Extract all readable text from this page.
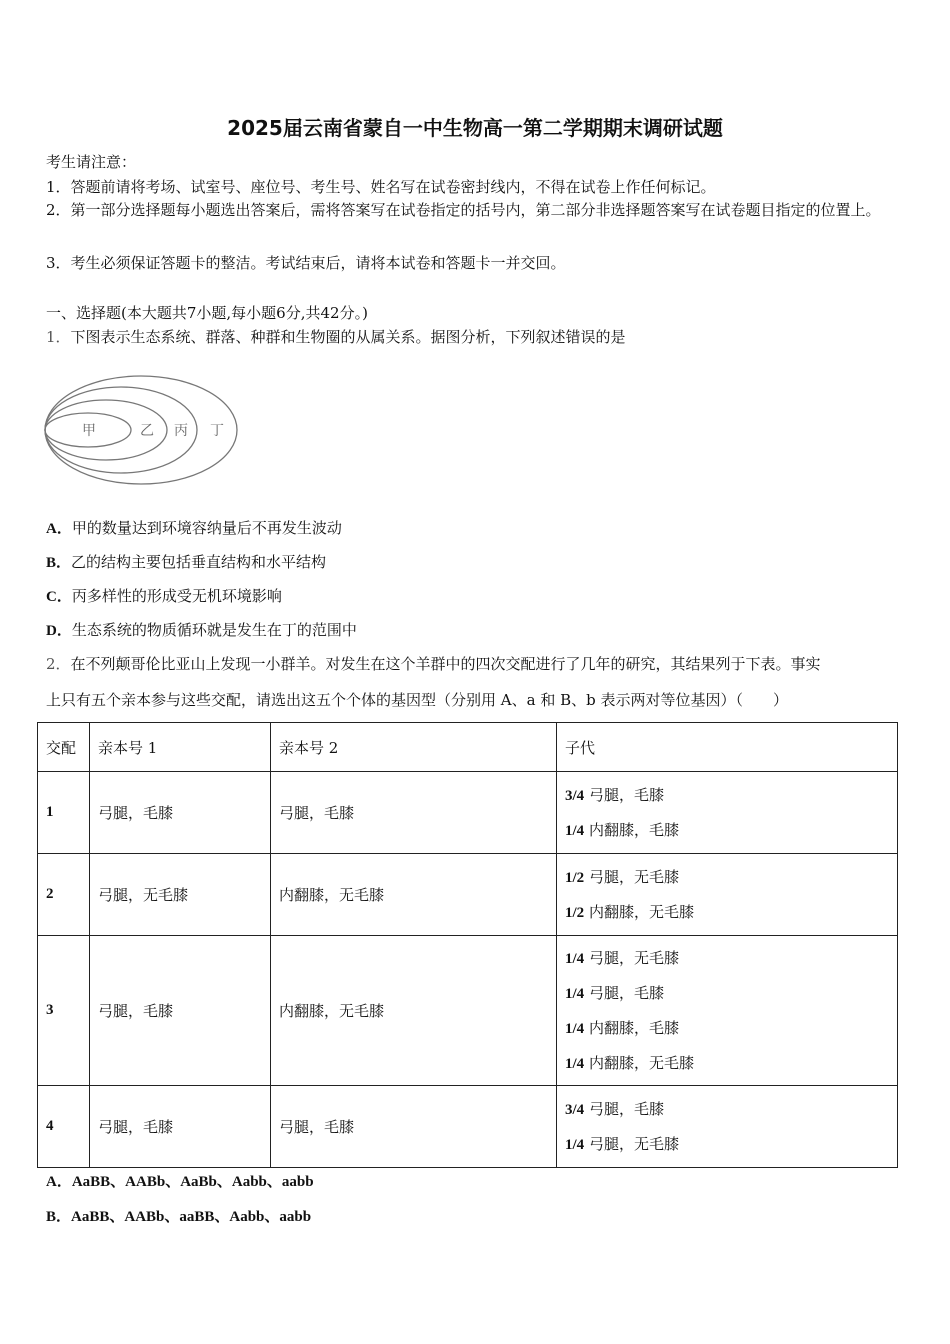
2025届云南省蒙自一中生物高一第二学期期末调研试题
考生请注意：
1．答题前请将考场、试室号、座位号、考生号、姓名写在试卷密封线内，不得在试卷上作任何标记。
2．第一部分选择题每小题选出答案后，需将答案写在试卷指定的括号内，第二部分非选择题答案写在试卷题目指定的位置上。
3．考生必须保证答题卡的整洁。考试结束后，请将本试卷和答题卡一并交回。
一、选择题(本大题共7小题,每小题6分,共42分。)
1．下图表示生态系统、群落、种群和生物圈的从属关系。据图分析，下列叙述错误的是
甲	乙 丙 丁
A．甲的数量达到环境容纳量后不再发生波动
B．乙的结构主要包括垂直结构和水平结构
C．丙多样性的形成受无机环境影响
D．生态系统的物质循环就是发生在丁的范围中
2．在不列颠哥伦比亚山上发现一小群羊。对发生在这个羊群中的四次交配进行了几年的研究，其结果列于下表。事实
上只有五个亲本参与这些交配，请选出这五个个体的基因型（分别用 A、a 和 B、b 表示两对等位基因）（　　）
交配	亲本号 1	亲本号 2	子代
1	弓腿，毛膝	弓腿，毛膝	3/4 弓腿，毛膝
1/4 内翻膝，毛膝

2	弓腿，无毛膝	内翻膝，无毛膝	1/2 弓腿，无毛膝
1/2 内翻膝，无毛膝

3	弓腿，毛膝	内翻膝，无毛膝	1/4 弓腿，无毛膝
1/4 弓腿，毛膝
1/4 内翻膝，毛膝
1/4 内翻膝，无毛膝

4	弓腿，毛膝	弓腿，毛膝	3/4 弓腿，毛膝
1/4 弓腿，无毛膝
A．AaBB、AABb、AaBb、Aabb、aabb
B．AaBB、AABb、aaBB、Aabb、aabb
